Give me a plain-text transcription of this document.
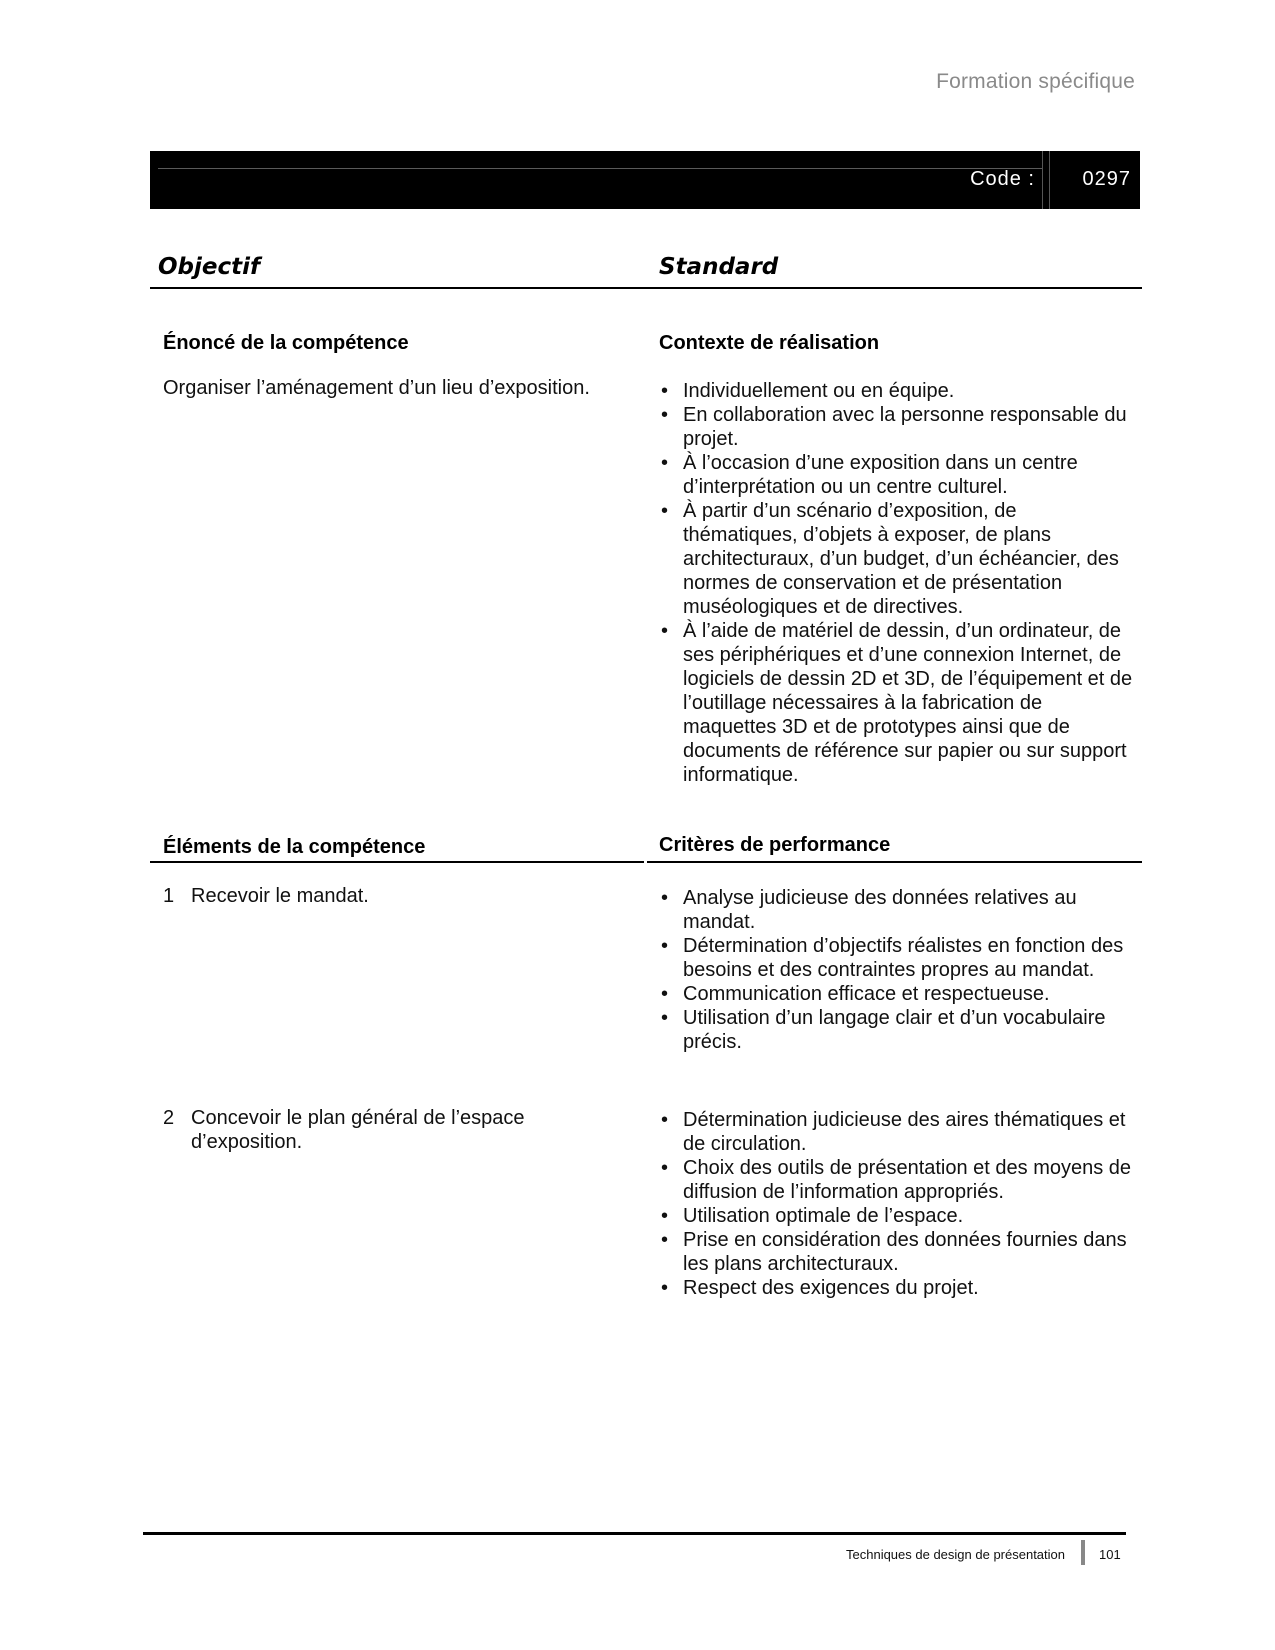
Formation spécifique
Code : 0297
Objectif	Standard
Énoncé de la compétence
Organiser l’aménagement d’un lieu d’exposition.
Contexte de réalisation
• Individuellement ou en équipe.
• En collaboration avec la personne responsable du projet.
• À l’occasion d’une exposition dans un centre d’interprétation ou un centre culturel.
• À partir d’un scénario d’exposition, de thématiques, d’objets à exposer, de plans architecturaux, d’un budget, d’un échéancier, des normes de conservation et de présentation muséologiques et de directives.
• À l’aide de matériel de dessin, d’un ordinateur, de ses périphériques et d’une connexion Internet, de logiciels de dessin 2D et 3D, de l’équipement et de l’outillage nécessaires à la fabrication de maquettes 3D et de prototypes ainsi que de documents de référence sur papier ou sur support informatique.
Éléments de la compétence	Critères de performance
1 Recevoir le mandat.
•	Analyse judicieuse des données relatives au mandat.
• Détermination d’objectifs réalistes en fonction des besoins et des contraintes propres au mandat.
• Communication efficace et respectueuse.
• Utilisation d’un langage clair et d’un vocabulaire précis.
2 Concevoir le plan général de l’espace d’exposition.
• Détermination judicieuse des aires thématiques et de circulation.
• Choix des outils de présentation et des moyens de diffusion de l’information appropriés.
• Utilisation optimale de l’espace.
• Prise en considération des données fournies dans les plans architecturaux.
• Respect des exigences du projet.
Techniques de design de présentation	101
